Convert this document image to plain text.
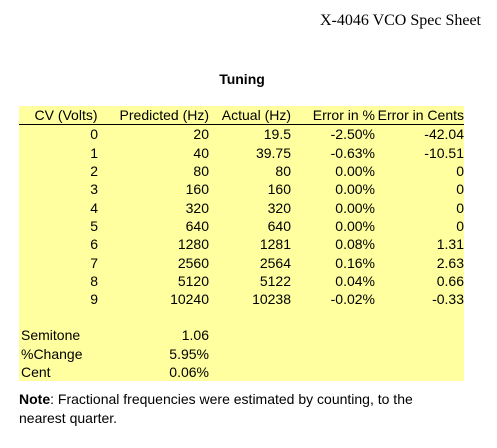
X-4046 VCO Spec Sheet
Tuning
CV (Volts)	Predicted (Hz)	Actual (Hz)	Error in %	Error in Cents
0	20	19.5	-2.50%	-42.04
1	40	39.75	-0.63%	-10.51
2	80	80	0.00%	0
3	160	160	0.00%	0
4	320	320	0.00%	0
5	640	640	0.00%	0
6	1280	1281	0.08%	1.31
7	2560	2564	0.16%	2.63
8	5120	5122	0.04%	0.66
9	10240	10238	-0.02%	-0.33

Semitone	1.06			
%Change	5.95%			
Cent	0.06%			
Note: Fractional frequencies were estimated by counting, to the nearest quarter.
